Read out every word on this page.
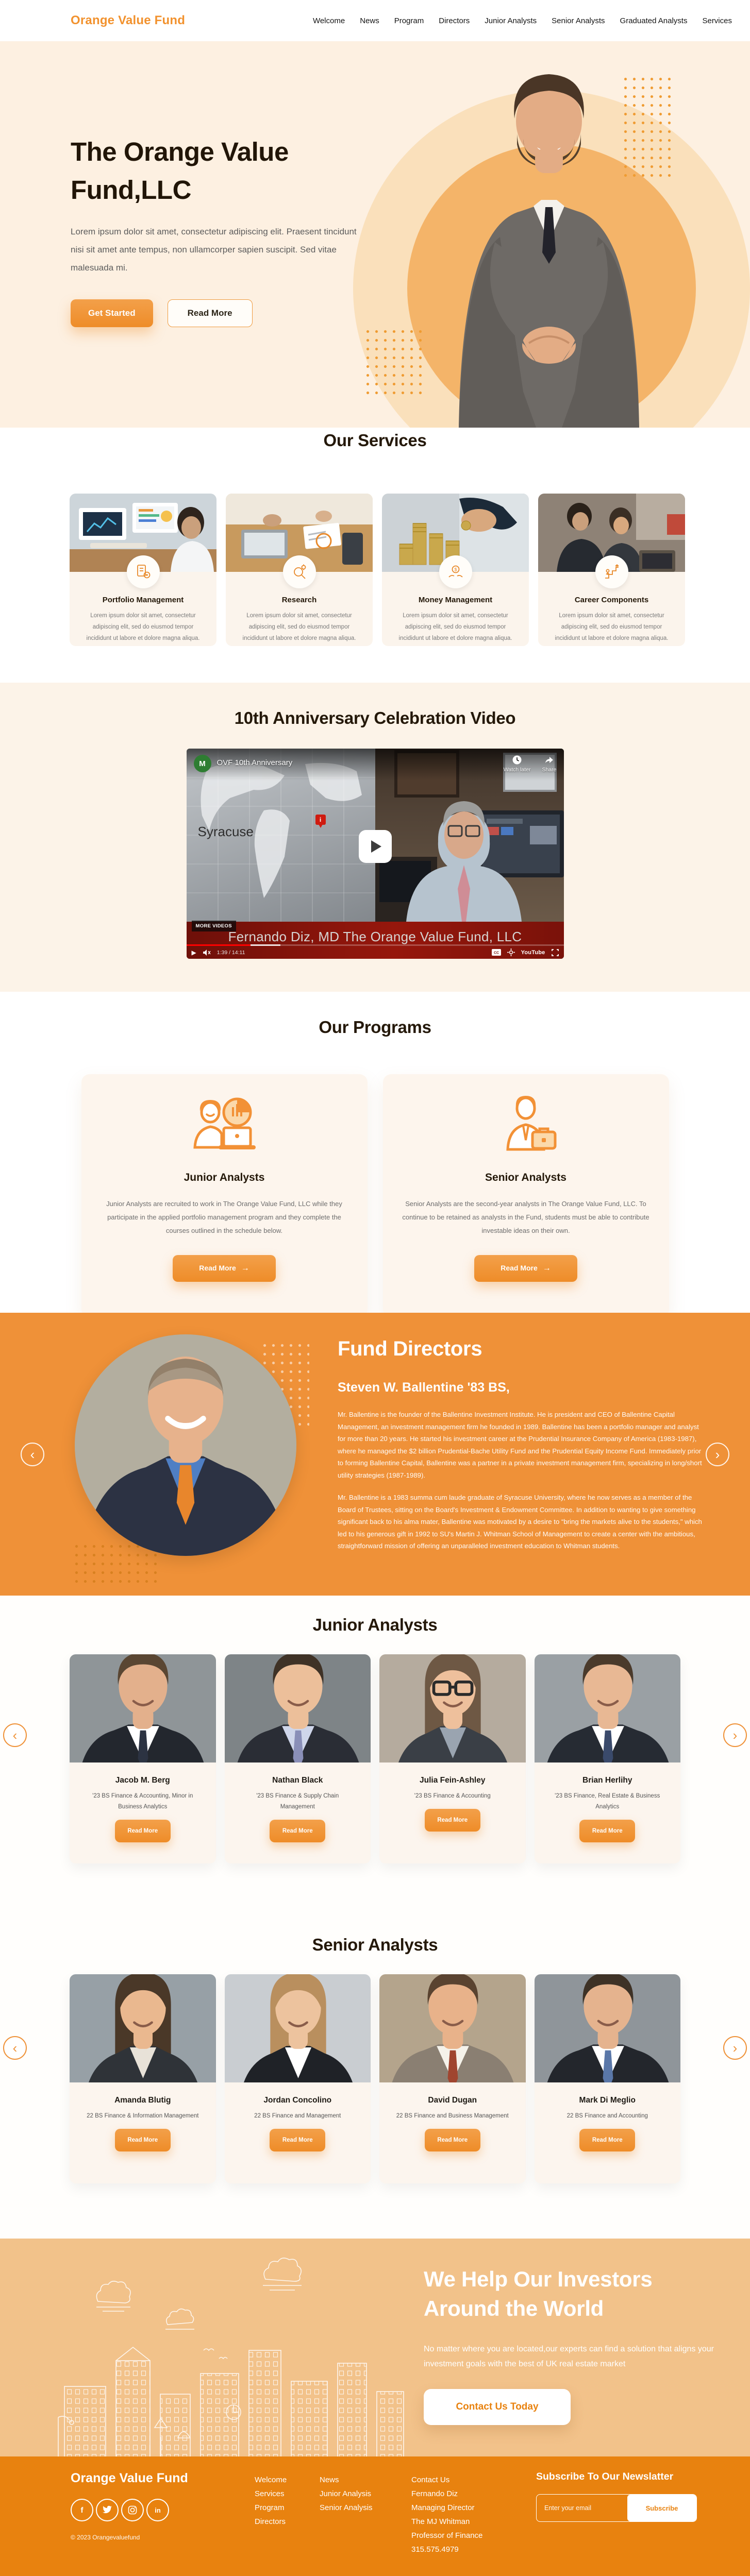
Orange Value Fund	Welcome News Program Directors Junior Analysts Senior Analysts Graduated Analysts Services
The Orange Value
Fund,LLC

Lorem ipsum dolor sit amet, consectetur adipiscing elit. Praesent tincidunt nisi sit amet ante tempus, non ullamcorper sapien suscipit. Sed vitae malesuada mi.

Get Started	Read More
Our Services
Portfolio Management
Lorem ipsum dolor sit amet, consectetur adipiscing elit, sed do eiusmod tempor incididunt ut labore et dolore magna aliqua.
Research
Lorem ipsum dolor sit amet, consectetur adipiscing elit, sed do eiusmod tempor incididunt ut labore et dolore magna aliqua.
$
Money Management
Lorem ipsum dolor sit amet, consectetur adipiscing elit, sed do eiusmod tempor incididunt ut labore et dolore magna aliqua.
Career Components
Lorem ipsum dolor sit amet, consectetur adipiscing elit, sed do eiusmod tempor incididunt ut labore et dolore magna aliqua.
10th Anniversary Celebration Video
Syracuse
i
M	OVF 10th Anniversary
Watch later Share
MORE VIDEOS
Fernando Diz, MD The Orange Value Fund, LLC
▶	1:39 / 14:11	CC	YouTube
Our Programs
Junior Analysts
Junior Analysts are recruited to work in The Orange Value Fund, LLC while they participate in the applied portfolio management program and they complete the courses outlined in the schedule below.
Read More →
Senior Analysts
Senior Analysts are the second-year analysts in The Orange Value Fund, LLC. To continue to be retained as analysts in the Fund, students must be able to contribute investable ideas on their own.
Read More →
Fund Directors
Steven W. Ballentine '83 BS,

Mr. Ballentine is the founder of the Ballentine Investment Institute. He is president and CEO of Ballentine Capital Management, an investment management firm he founded in 1989. Ballentine has been a portfolio manager and analyst for more than 20 years. He started his investment career at the Prudential Insurance Company of America (1983-1987), where he managed the $2 billion Prudential-Bache Utility Fund and the Prudential Equity Income Fund. Immediately prior to forming Ballentine Capital, Ballentine was a partner in a private investment management firm, specializing in long/short utility strategies (1987-1989).

Mr. Ballentine is a 1983 summa cum laude graduate of Syracuse University, where he now serves as a member of the Board of Trustees, sitting on the Board's Investment & Endowment Committee. In addition to wanting to give something significant back to his alma mater, Ballentine was motivated by a desire to “bring the markets alive to the students," which led to his generous gift in 1992 to SU's Martin J. Whitman School of Management to create a center with the ambitious, straightforward mission of offering an unparalleled investment education to Whitman students.

‹	›
Junior Analysts
Jacob M. Berg
'23 BS Finance & Accounting, Minor in Business Analytics
Read More
Nathan Black
'23 BS Finance & Supply Chain Management
Read More
Julia Fein-Ashley
'23 BS Finance & Accounting
Read More
Brian Herlihy
'23 BS Finance, Real Estate & Business Analytics
Read More
‹	›
Senior Analysts
Amanda Blutig
22 BS Finance & Information Management
Read More
Jordan Concolino
22 BS Finance and Management
Read More
David Dugan
22 BS Finance and Business Management
Read More
Mark Di Meglio
22 BS Finance and Accounting
Read More
‹	›
We Help Our Investors
Around the World

No matter where you are located,our experts can find a solution that aligns your investment goals with the best of UK real estate market

Contact Us Today
Orange Value Fund
f	in
© 2023 Orangevaluefund
Welcome
Services
Program
Directors
News
Junior Analysis
Senior Analysis
Contact Us
Fernando Diz
Managing Director
The MJ Whitman
Professor of Finance
315.575.4979
Subscribe To Our Newslatter
Enter your email
Subscribe
